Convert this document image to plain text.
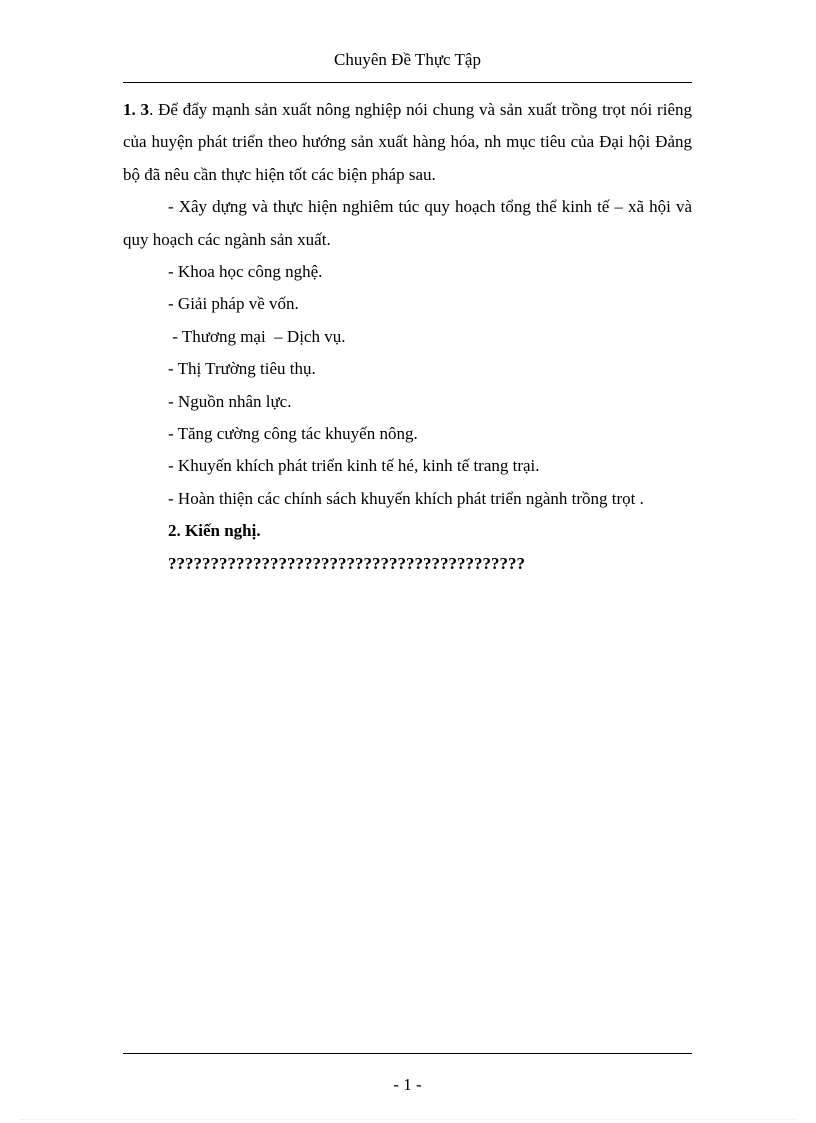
Chuyên Đề Thực Tập

1. 3. Để đẩy mạnh sản xuất nông nghiệp nói chung và sản xuất trồng trọt nói riêng của huyện phát triển theo hướng sản xuất hàng hóa, nh mục tiêu của Đại hội Đảng bộ đã nêu cần thực hiện tốt các biện pháp sau.

- Xây dựng và thực hiện nghiêm túc quy hoạch tổng thể kinh tế – xã hội và quy hoạch các ngành sản xuất.

- Khoa học công nghệ.

- Giải pháp về vốn.

- Thương mại  – Dịch vụ.

- Thị Trường tiêu thụ.

- Nguồn nhân lực.

- Tăng cường công tác khuyến nông.

- Khuyến khích phát triển kinh tế hé, kinh tế trang trại.

- Hoàn thiện các chính sách khuyến khích phát triển ngành trồng trọt .

2. Kiến nghị.

??????????????????????????????????????????

- 1 -
